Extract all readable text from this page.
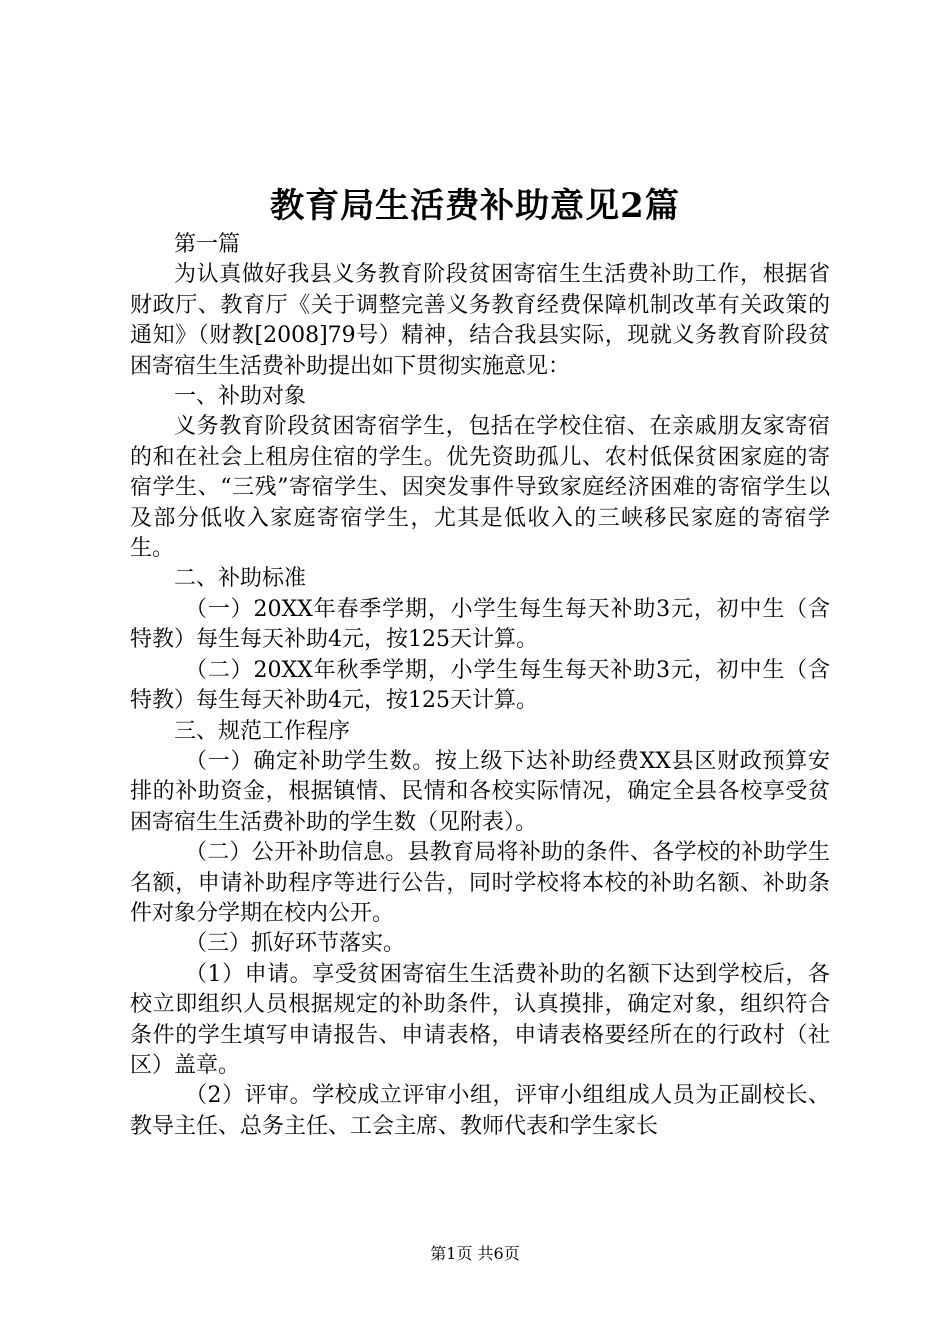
教育局生活费补助意见2篇

第一篇

为认真做好我县义务教育阶段贫困寄宿生生活费补助工作，根据省财政厅、教育厅《关于调整完善义务教育经费保障机制改革有关政策的通知》（财教[2008]79号）精神，结合我县实际，现就义务教育阶段贫困寄宿生生活费补助提出如下贯彻实施意见：

一、补助对象

义务教育阶段贫困寄宿学生，包括在学校住宿、在亲戚朋友家寄宿的和在社会上租房住宿的学生。优先资助孤儿、农村低保贫困家庭的寄宿学生、“三残”寄宿学生、因突发事件导致家庭经济困难的寄宿学生以及部分低收入家庭寄宿学生，尤其是低收入的三峡移民家庭的寄宿学生。

二、补助标准

（一）20XX年春季学期，小学生每生每天补助3元，初中生（含特教）每生每天补助4元，按125天计算。

（二）20XX年秋季学期，小学生每生每天补助3元，初中生（含特教）每生每天补助4元，按125天计算。

三、规范工作程序

（一）确定补助学生数。按上级下达补助经费XX县区财政预算安排的补助资金，根据镇情、民情和各校实际情况，确定全县各校享受贫困寄宿生生活费补助的学生数（见附表）。

（二）公开补助信息。县教育局将补助的条件、各学校的补助学生名额，申请补助程序等进行公告，同时学校将本校的补助名额、补助条件对象分学期在校内公开。

（三）抓好环节落实。

（1）申请。享受贫困寄宿生生活费补助的名额下达到学校后，各校立即组织人员根据规定的补助条件，认真摸排，确定对象，组织符合条件的学生填写申请报告、申请表格，申请表格要经所在的行政村（社区）盖章。

（2）评审。学校成立评审小组，评审小组组成人员为正副校长、教导主任、总务主任、工会主席、教师代表和学生家长

第1页 共6页
